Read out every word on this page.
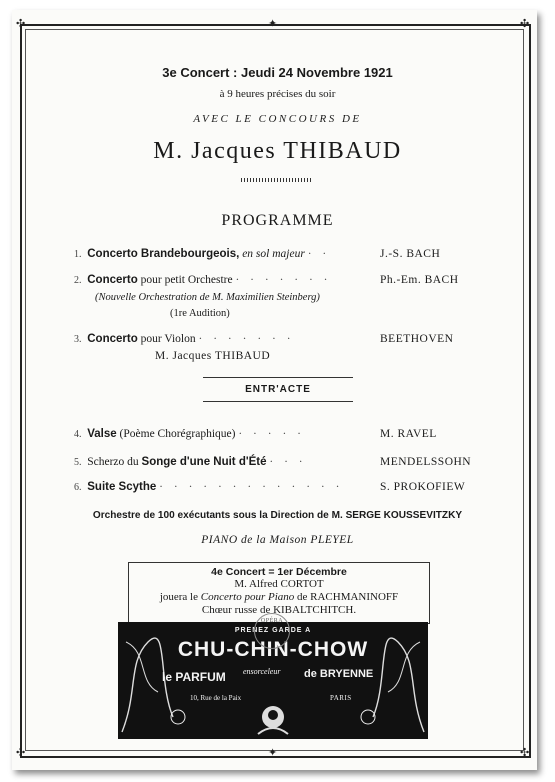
✣	✣
✣	✣
✦
✦
3e Concert : Jeudi 24 Novembre 1921
à 9 heures précises du soir
AVEC LE CONCOURS DE
M. Jacques THIBAUD
PROGRAMME
1. Concerto Brandebourgeois, en sol majeur · ·	J.-S. BACH
2. Concerto pour petit Orchestre · · · · · · ·	Ph.-Em. BACH
(Nouvelle Orchestration de M. Maximilien Steinberg)
(1re Audition)
3. Concerto pour Violon · · · · · · ·	BEETHOVEN
M. Jacques THIBAUD
ENTR'ACTE
4. Valse (Poème Chorégraphique) · · · · ·	M. RAVEL
5. Scherzo du Songe d'une Nuit d'Été · · ·	MENDELSSOHN
6. Suite Scythe · · · · · · · · · · · · ·	S. PROKOFIEW
Orchestre de 100 exécutants sous la Direction de M. SERGE KOUSSEVITZKY
PIANO de la Maison PLEYEL
4e Concert = 1er Décembre
M. Alfred CORTOT
jouera le Concerto pour Piano de RACHMANINOFF
Chœur russe de KIBALTCHITCH.
OPÉRA
PRENEZ GARDE A
CHU-CHIN-CHOW
le PARFUM ensorceleur de BRYENNE
10, Rue de la Paix	PARIS
